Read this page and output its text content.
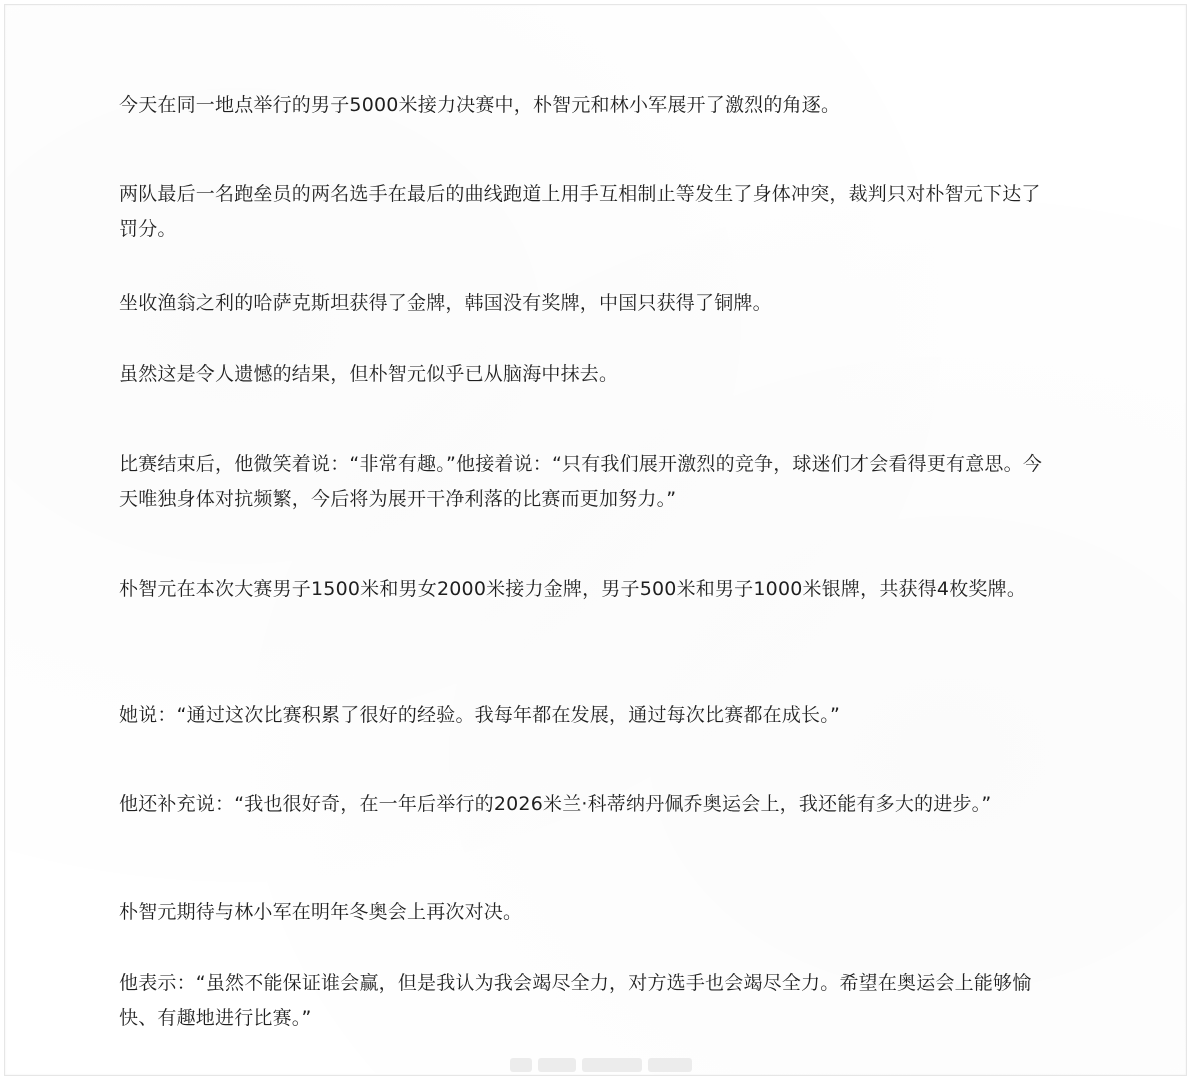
今天在同一地点举行的男子5000米接力决赛中，朴智元和林小军展开了激烈的角逐。

两队最后一名跑垒员的两名选手在最后的曲线跑道上用手互相制止等发生了身体冲突，裁判只对朴智元下达了罚分。

坐收渔翁之利的哈萨克斯坦获得了金牌，韩国没有奖牌，中国只获得了铜牌。

虽然这是令人遗憾的结果，但朴智元似乎已从脑海中抹去。

比赛结束后，他微笑着说：“非常有趣。”他接着说：“只有我们展开激烈的竞争，球迷们才会看得更有意思。今天唯独身体对抗频繁，今后将为展开干净利落的比赛而更加努力。”

朴智元在本次大赛男子1500米和男女2000米接力金牌，男子500米和男子1000米银牌，共获得4枚奖牌。

她说：“通过这次比赛积累了很好的经验。我每年都在发展，通过每次比赛都在成长。”

他还补充说：“我也很好奇，在一年后举行的2026米兰·科蒂纳丹佩乔奥运会上，我还能有多大的进步。”

朴智元期待与林小军在明年冬奥会上再次对决。

他表示：“虽然不能保证谁会赢，但是我认为我会竭尽全力，对方选手也会竭尽全力。希望在奥运会上能够愉快、有趣地进行比赛。”
